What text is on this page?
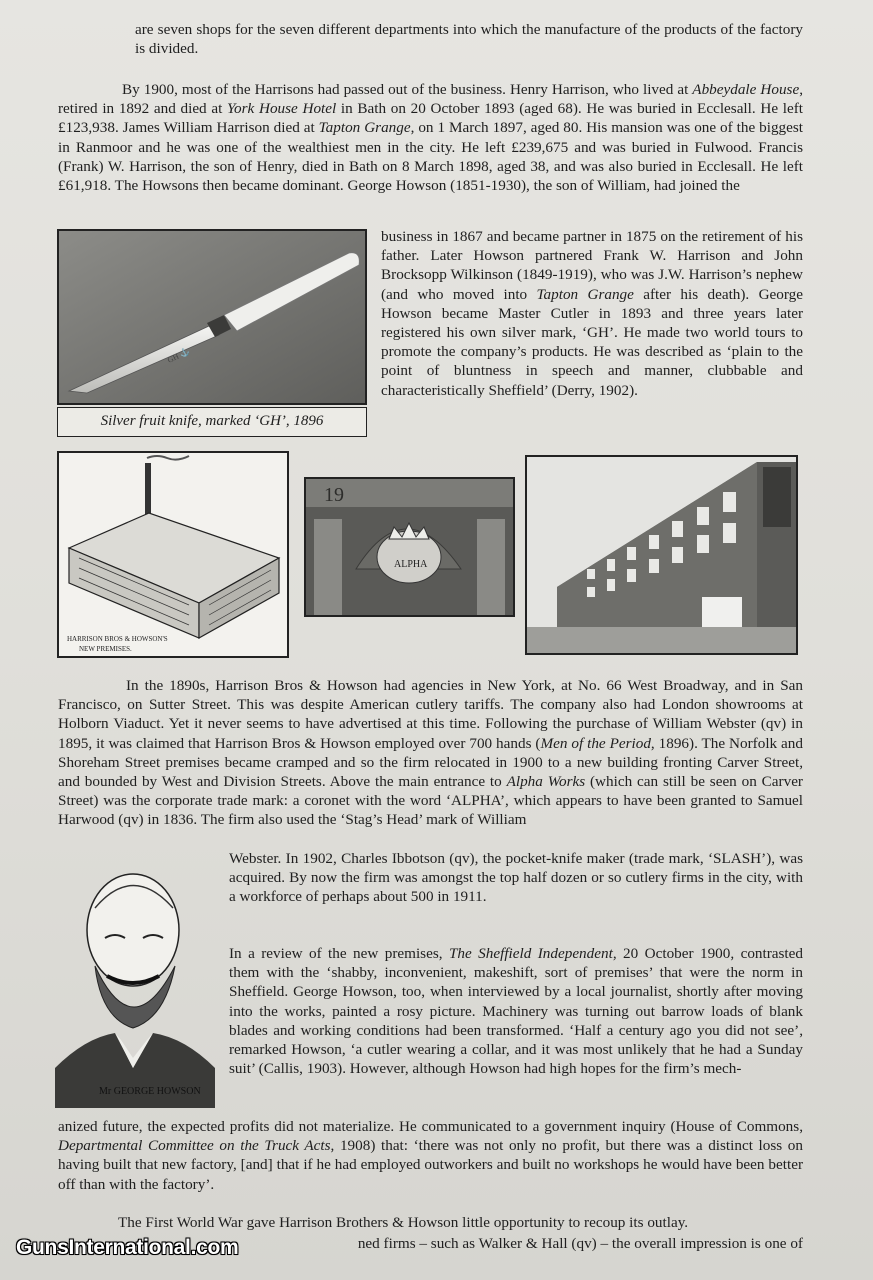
are seven shops for the seven different departments into which the manufacture of the products of the factory is divided.

By 1900, most of the Harrisons had passed out of the business. Henry Harrison, who lived at Abbeydale House, retired in 1892 and died at York House Hotel in Bath on 20 October 1893 (aged 68). He was buried in Ecclesall. He left £123,938. James William Harrison died at Tapton Grange, on 1 March 1897, aged 80. His mansion was one of the biggest in Ranmoor and he was one of the wealthiest men in the city. He left £239,675 and was buried in Fulwood. Francis (Frank) W. Harrison, the son of Henry, died in Bath on 8 March 1898, aged 38, and was also buried in Ecclesall. He left £61,918. The Howsons then became dominant. George Howson (1851-1930), the son of William, had joined the

GH ⚓
Silver fruit knife, marked ‘GH’, 1896

business in 1867 and became partner in 1875 on the retirement of his father. Later Howson partnered Frank W. Harrison and John Brocksopp Wilkinson (1849-1919), who was J.W. Harrison’s nephew (and who moved into Tapton Grange after his death). George Howson became Master Cutler in 1893 and three years later registered his own silver mark, ‘GH’. He made two world tours to promote the company’s products. He was described as ‘plain to the point of bluntness in speech and manner, clubbable and characteristically Sheffield’ (Derry, 1902).

HARRISON BROS & HOWSON'S
NEW PREMISES.
19
ALPHA

In the 1890s, Harrison Bros & Howson had agencies in New York, at No. 66 West Broadway, and in San Francisco, on Sutter Street. This was despite American cutlery tariffs. The company also had London showrooms at Holborn Viaduct. Yet it never seems to have advertised at this time. Following the purchase of William Webster (qv) in 1895, it was claimed that Harrison Bros & Howson employed over 700 hands (Men of the Period, 1896). The Norfolk and Shoreham Street premises became cramped and so the firm relocated in 1900 to a new building fronting Carver Street, and bounded by West and Division Streets. Above the main entrance to Alpha Works (which can still be seen on Carver Street) was the corporate trade mark: a coronet with the word ‘ALPHA’, which appears to have been granted to Samuel Harwood (qv) in 1836. The firm also used the ‘Stag’s Head’ mark of William

Mr GEORGE HOWSON

Webster. In 1902, Charles Ibbotson (qv), the pocket-knife maker (trade mark, ‘SLASH’), was acquired. By now the firm was amongst the top half dozen or so cutlery firms in the city, with a workforce of perhaps about 500 in 1911.

In a review of the new premises, The Sheffield Independent, 20 October 1900, contrasted them with the ‘shabby, inconvenient, makeshift, sort of premises’ that were the norm in Sheffield. George Howson, too, when interviewed by a local journalist, shortly after moving into the works, painted a rosy picture. Machinery was turning out barrow loads of blank blades and working conditions had been transformed. ‘Half a century ago you did not see’, remarked Howson, ‘a cutler wearing a collar, and it was most unlikely that he had a Sunday suit’ (Callis, 1903). However, although Howson had high hopes for the firm’s mech-

anized future, the expected profits did not materialize. He communicated to a government inquiry (House of Commons, Departmental Committee on the Truck Acts, 1908) that: ‘there was not only no profit, but there was a distinct loss on having built that new factory, [and] that if he had employed outworkers and built no workshops he would have been better off than with the factory’.

The First World War gave Harrison Brothers & Howson little opportunity to recoup its outlay.

ned firms – such as Walker & Hall (qv) – the overall impression is one of

GunsInternational.com
